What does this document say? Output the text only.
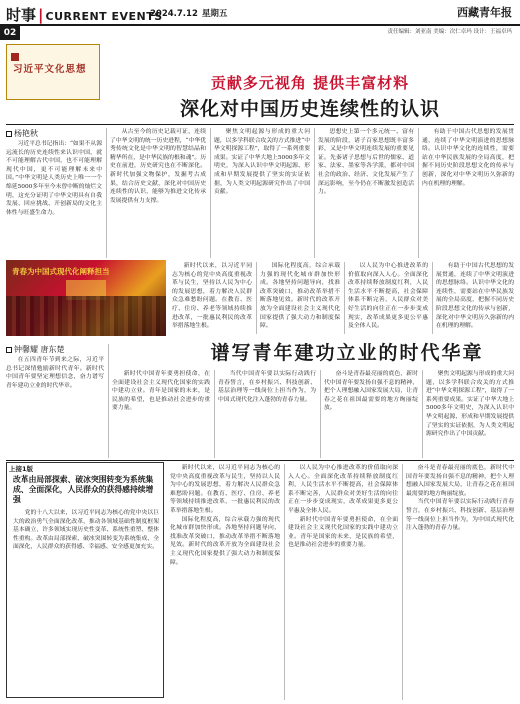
时事 | CURRENT EVENTS
2024.7.12 星期五	西藏青年报
02	责任编辑：刘亚南 美编：次仁卓玛 设计：王福卓玛
习近平文化思想
贡献多元视角 提供丰富材料
深化对中国历史连续性的认识
杨艳秋

习近平总书记指出：“如果不从源远流长的历史连续性来认识中国，就不可能理解古代中国，也不可能理解现代中国，更不可能理解未来中国。”中华文明是人类历史上唯一一个绵延5000多年至今未曾中断的灿烂文明，这充分证明了中华文明具有自我发展、回应挑战、开创新局的文化主体性与旺盛生命力。

从古至今的历史记载可证，连续了中华文明的统一历史进程，“中华优秀传统文化是中华文明的智慧结晶和精华所在，是中华民族的根和魂”。历史在前进，历史研究也在不断深化。新时代加强文物保护，发掘考古成果，结合历史文献，深化对中国历史连续性的认识，能够为推进文化传承发展提供有力支撑。

聚焦文明起源与形成的重大问题，以多学科联合攻关的方式推进“中华文明探源工程”，取得了一系列重要成果。实证了中华大地上5000多年文明史，为深入认识中华文明起源、形成和早期发展提供了坚实的实证依据，为人类文明起源研究作出了中国贡献。

思想史上第一个多元统一、富有发展的阶段，诸子百家思想既丰富多彩，又是中华文明连续发展的重要见证。先秦诸子思想与后世的儒家、道家、法家、墨家等各学派，都对中国社会的政治、经济、文化发展产生了深远影响，至今仍在不断激发创造活力。

有助于中国古代思想的发展贯通，连续了中华文明演进的思想脉络。认识中华文化的连续性，需要站在中华民族发展的全局高度，把握不同历史阶段思想文化的传承与创新，深化对中华文明历久弥新的内在机理的理解。

青春为中国式现代化阐释担当

新时代以来，以习近平同志为核心的党中央高度重视改革与民生，坚持以人民为中心的发展思想，着力解决人民群众急难愁盼问题。在教育、医疗、住房、养老等领域持续推进改革，一批惠民利民的改革举措落地生根。

国际化程度高，综合承载力强的现代化城市群加快形成。各地坚持问题导向，找准改革突破口，推动改革举措不断落地见效。新时代的改革开放为全面建设社会主义现代化国家提供了强大动力和制度保障。

以人民为中心推进改革的价值取向深入人心。全面深化改革持续释放制度红利，人民生活水平不断提高，社会保障体系不断完善，人民群众对美好生活的向往正在一步步变成现实，改革成果更多更公平惠及全体人民。

有助于中国古代思想的发展贯通，连续了中华文明演进的思想脉络。认识中华文化的连续性，需要站在中华民族发展的全局高度，把握不同历史阶段思想文化的传承与创新，深化对中华文明历久弥新的内在机理的理解。

谱写青年建功立业的时代华章
钟馨耀 唐东楚

在五四青年节到来之际，习近平总书记深情勉励新时代青年。新时代中国青年要坚定理想信念，奋力谱写青年建功立业的时代华章。

新时代中国青年要勇担使命，在全面建设社会主义现代化国家的实践中建功立业。青年是国家的未来，是民族的希望，也是推动社会进步的重要力量。

当代中国青年要以实际行动践行青春誓言，在乡村振兴、科技创新、基层治理等一线岗位上担当作为，为中国式现代化注入蓬勃的青春力量。

奋斗是青春最亮丽的底色，新时代中国青年要发扬自强不息的精神，把个人理想融入国家发展大局，让青春之花在祖国最需要的地方绚丽绽放。

聚焦文明起源与形成的重大问题，以多学科联合攻关的方式推进“中华文明探源工程”，取得了一系列重要成果。实证了中华大地上5000多年文明史，为深入认识中华文明起源、形成和早期发展提供了坚实的实证依据，为人类文明起源研究作出了中国贡献。

上接1版
改革由局部探索、破冰突围转变为系统集成、全面深化，人民群众的获得感持续增强

党的十八大以来，以习近平同志为核心的党中央以巨大的政治勇气全面深化改革，推动各领域基础性制度框架基本确立，许多领域实现历史性变革、系统性重塑、整体性重构。改革由局部探索、破冰突围转变为系统集成、全面深化，人民群众的获得感、幸福感、安全感更加充实。

新时代以来，以习近平同志为核心的党中央高度重视改革与民生，坚持以人民为中心的发展思想，着力解决人民群众急难愁盼问题。在教育、医疗、住房、养老等领域持续推进改革，一批惠民利民的改革举措落地生根。

国际化程度高，综合承载力强的现代化城市群加快形成。各地坚持问题导向，找准改革突破口，推动改革举措不断落地见效。新时代的改革开放为全面建设社会主义现代化国家提供了强大动力和制度保障。

以人民为中心推进改革的价值取向深入人心。全面深化改革持续释放制度红利，人民生活水平不断提高，社会保障体系不断完善，人民群众对美好生活的向往正在一步步变成现实，改革成果更多更公平惠及全体人民。

新时代中国青年要勇担使命，在全面建设社会主义现代化国家的实践中建功立业。青年是国家的未来，是民族的希望，也是推动社会进步的重要力量。

奋斗是青春最亮丽的底色，新时代中国青年要发扬自强不息的精神，把个人理想融入国家发展大局，让青春之花在祖国最需要的地方绚丽绽放。

当代中国青年要以实际行动践行青春誓言，在乡村振兴、科技创新、基层治理等一线岗位上担当作为，为中国式现代化注入蓬勃的青春力量。
